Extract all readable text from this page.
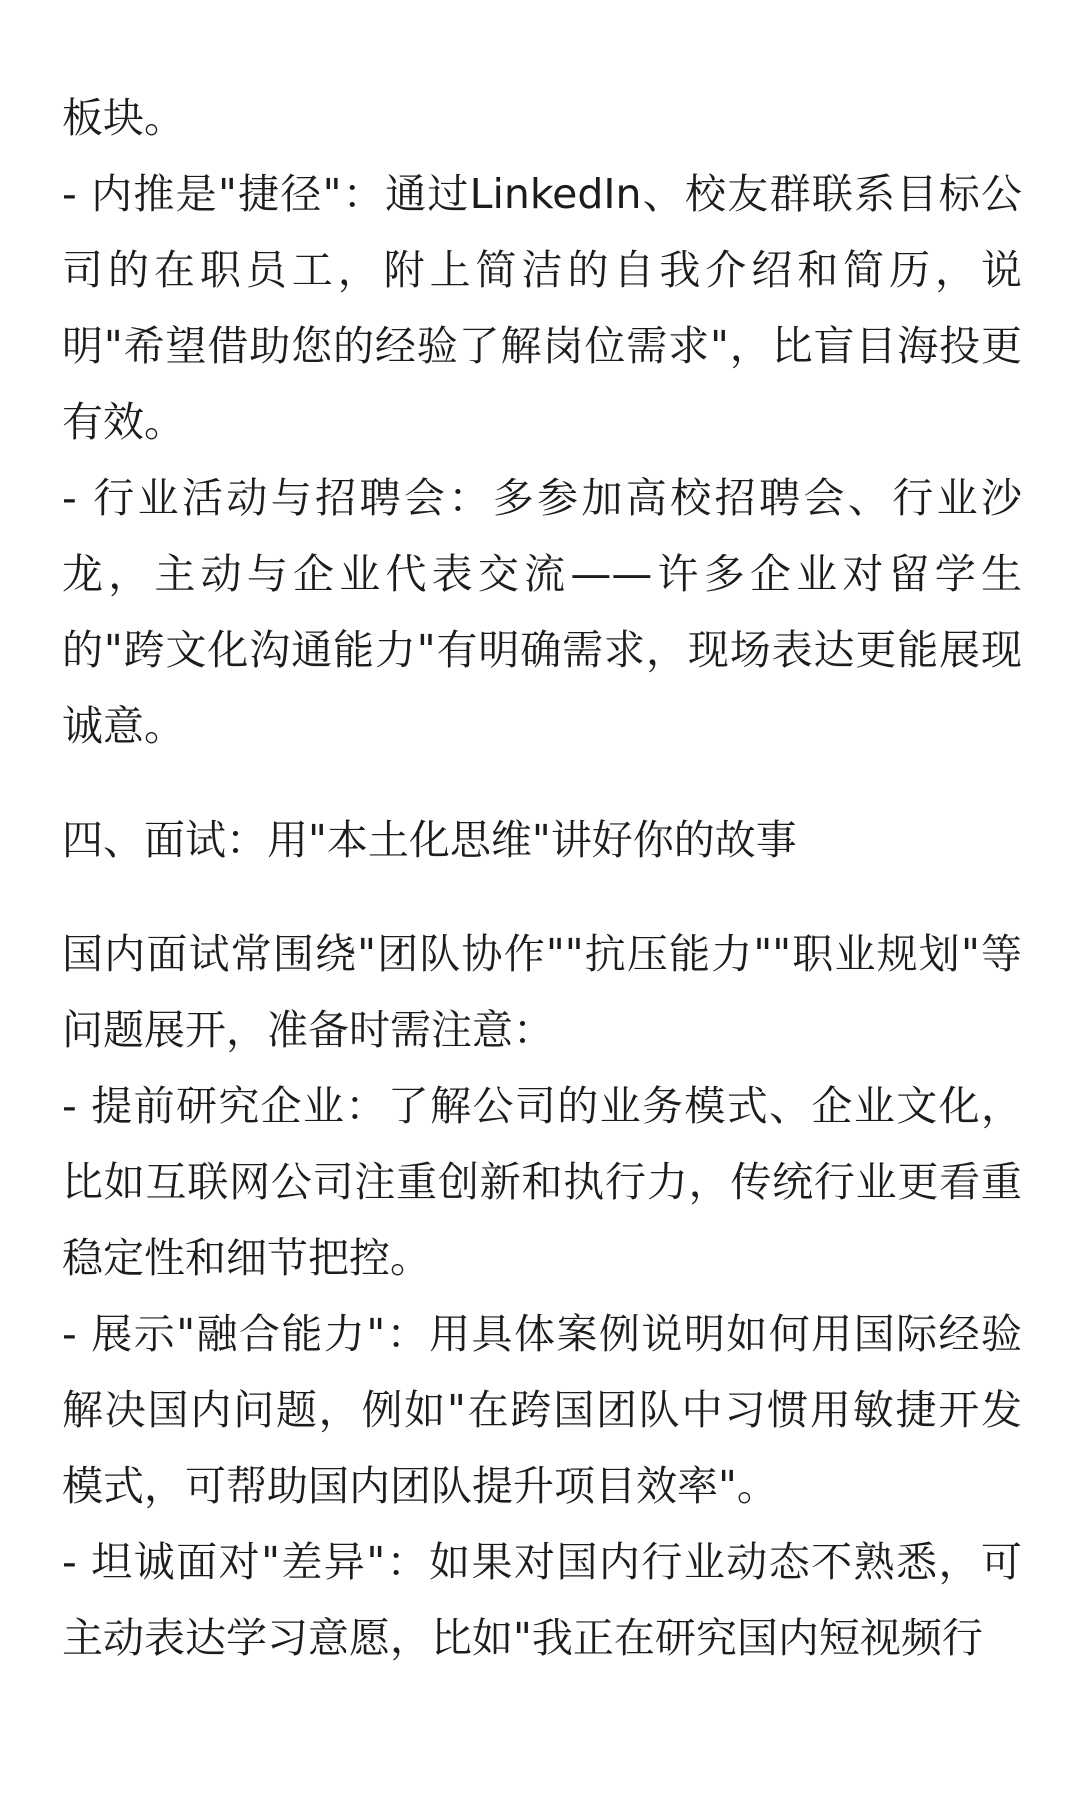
板块。

- 内推是"捷径"：通过LinkedIn、校友群联系目标公司的在职员工，附上简洁的自我介绍和简历，说明"希望借助您的经验了解岗位需求"，比盲目海投更有效。

- 行业活动与招聘会：多参加高校招聘会、行业沙龙，主动与企业代表交流——许多企业对留学生的"跨文化沟通能力"有明确需求，现场表达更能展现诚意。

四、面试：用"本土化思维"讲好你的故事

国内面试常围绕"团队协作""抗压能力""职业规划"等问题展开，准备时需注意：

- 提前研究企业：了解公司的业务模式、企业文化，比如互联网公司注重创新和执行力，传统行业更看重稳定性和细节把控。

- 展示"融合能力"：用具体案例说明如何用国际经验解决国内问题，例如"在跨国团队中习惯用敏捷开发模式，可帮助国内团队提升项目效率"。

- 坦诚面对"差异"：如果对国内行业动态不熟悉，可主动表达学习意愿，比如"我正在研究国内短视频行
